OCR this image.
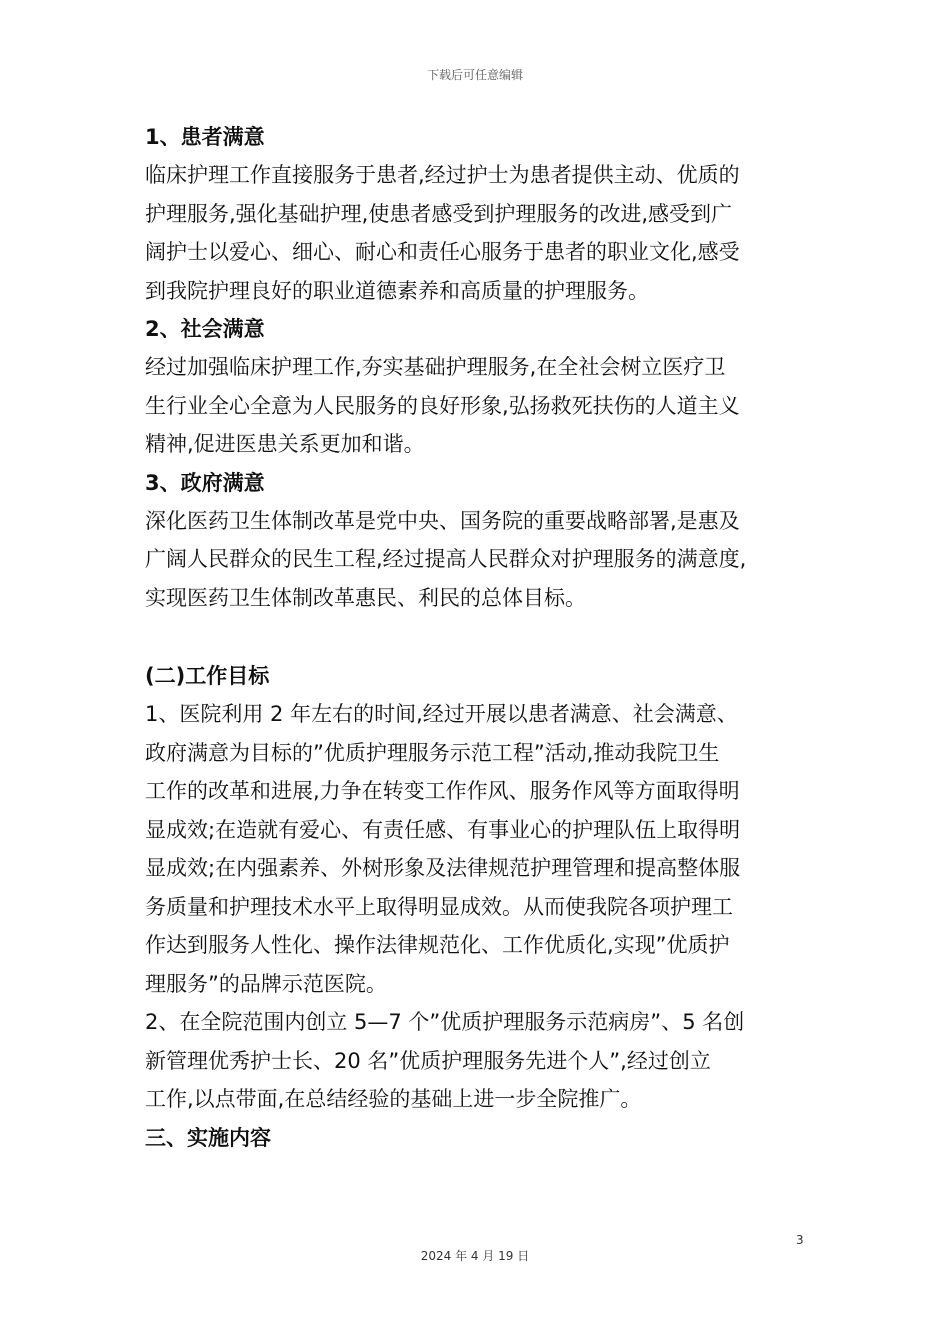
下载后可任意编辑

1、患者满意

临床护理工作直接服务于患者,经过护士为患者提供主动、优质的

护理服务,强化基础护理,使患者感受到护理服务的改进,感受到广

阔护士以爱心、细心、耐心和责任心服务于患者的职业文化,感受

到我院护理良好的职业道德素养和高质量的护理服务。

2、社会满意

经过加强临床护理工作,夯实基础护理服务,在全社会树立医疗卫

生行业全心全意为人民服务的良好形象,弘扬救死扶伤的人道主义

精神,促进医患关系更加和谐。

3、政府满意

深化医药卫生体制改革是党中央、国务院的重要战略部署,是惠及

广阔人民群众的民生工程,经过提高人民群众对护理服务的满意度,

实现医药卫生体制改革惠民、利民的总体目标。

(二)工作目标

1、医院利用 2 年左右的时间,经过开展以患者满意、社会满意、

政府满意为目标的”优质护理服务示范工程”活动,推动我院卫生

工作的改革和进展,力争在转变工作作风、服务作风等方面取得明

显成效;在造就有爱心、有责任感、有事业心的护理队伍上取得明

显成效;在内强素养、外树形象及法律规范护理管理和提高整体服

务质量和护理技术水平上取得明显成效。从而使我院各项护理工

作达到服务人性化、操作法律规范化、工作优质化,实现”优质护

理服务”的品牌示范医院。

2、在全院范围内创立 5—7 个”优质护理服务示范病房”、5 名创

新管理优秀护士长、20 名”优质护理服务先进个人”,经过创立

工作,以点带面,在总结经验的基础上进一步全院推广。

三、实施内容

3
2024 年 4 月 19 日
